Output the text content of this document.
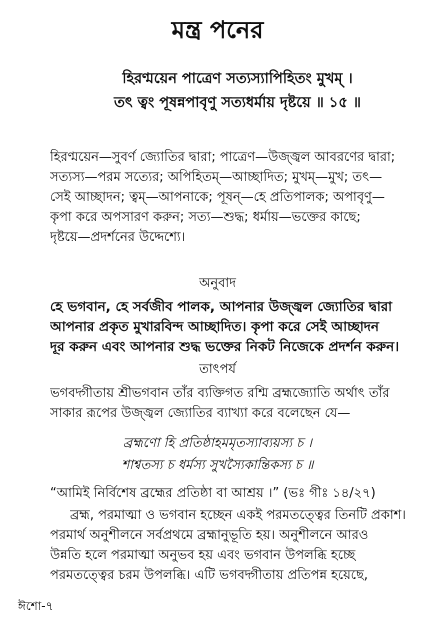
মন্ত্র পনের
হিরণ্ময়েন পাত্রেণ সত্যস্যাপিহিতং মুখম্ ।
তৎ ত্বং পূষন্নপাবৃণু সত্যধর্মায় দৃষ্টয়ে ॥ ১৫ ॥
হিরণ্ময়েন—সুবর্ণ জ্যোতির দ্বারা; পাত্রেণ—উজ্জ্বল আবরণের দ্বারা;
সত্যস্য—পরম সত্যের; অপিহিতম্—আচ্ছাদিত; মুখম্—মুখ; তৎ—
সেই আচ্ছাদন; ত্বম্—আপনাকে; পূষন্—হে প্রতিপালক; অপাবৃণু—
কৃপা করে অপসারণ করুন; সত্য—শুদ্ধ; ধর্মায়—ভক্তের কাছে;
দৃষ্টয়ে—প্রদর্শনের উদ্দেশ্যে।
অনুবাদ
হে ভগবান, হে সর্বজীব পালক, আপনার উজ্জ্বল জ্যোতির দ্বারা
আপনার প্রকৃত মুখারবিন্দ আচ্ছাদিত। কৃপা করে সেই আচ্ছাদন
দূর করুন এবং আপনার শুদ্ধ ভক্তের নিকট নিজেকে প্রদর্শন করুন।
তাৎপর্য
ভগবদ্গীতায় শ্রীভগবান তাঁর ব্যক্তিগত রশ্মি ব্রহ্মজ্যোতি অর্থাৎ তাঁর
সাকার রূপের উজ্জ্বল জ্যোতির ব্যাখ্যা করে বলেছেন যে—
ব্রহ্মণো হি প্রতিষ্ঠাহমমৃতস্যাব্যয়স্য চ ।
শাশ্বতস্য চ ধর্মস্য সুখস্যৈকান্তিকস্য চ ॥
“আমিই নির্বিশেষ ব্রহ্মের প্রতিষ্ঠা বা আশ্রয় ।” (ভঃ গীঃ ১৪/২৭)
ব্রহ্ম, পরমাত্মা ও ভগবান হচ্ছেন একই পরমতত্ত্বের তিনটি প্রকাশ।
পরমার্থ অনুশীলনে সর্বপ্রথমে ব্রহ্মানুভূতি হয়। অনুশীলনে আরও
উন্নতি হলে পরমাত্মা অনুভব হয় এবং ভগবান উপলব্ধি হচ্ছে
পরমতত্ত্বের চরম উপলব্ধি। এটি ভগবদ্গীতায় প্রতিপন্ন হয়েছে,
ঈশো-৭
